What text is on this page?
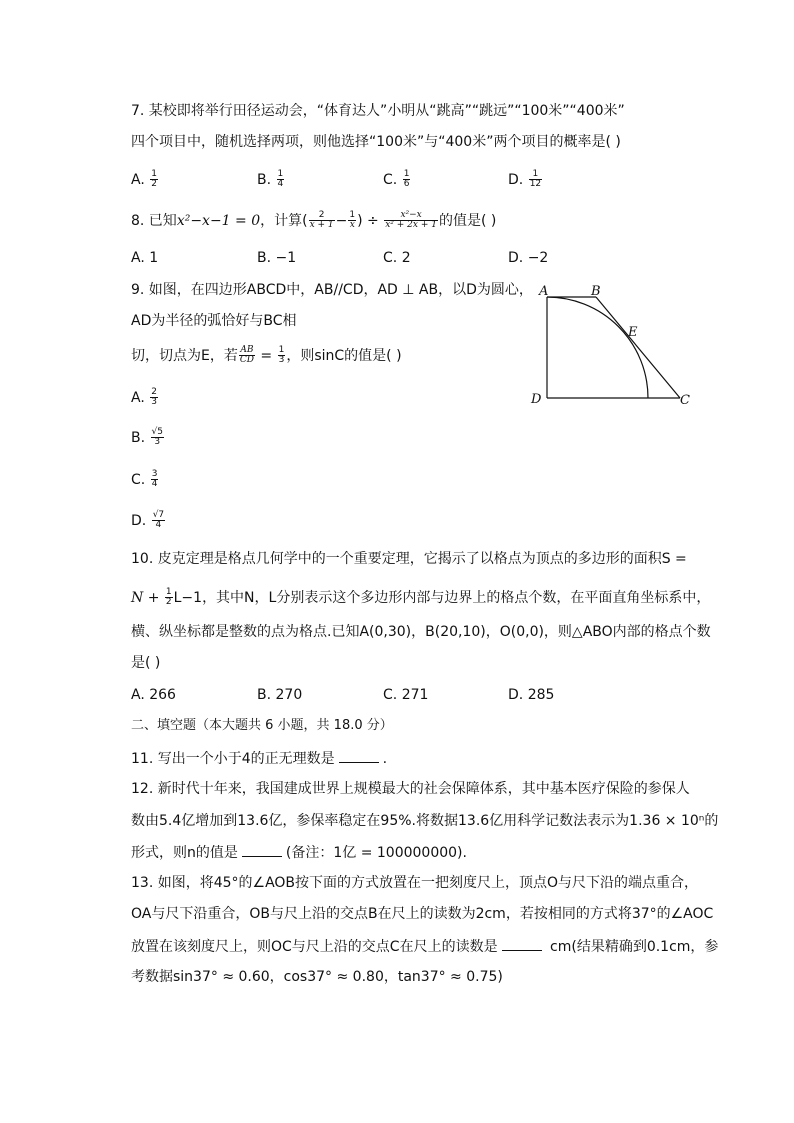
7. 某校即将举行田径运动会，“体育达人”小明从“跳高”“跳远”“100米”“400米”
四个项目中，随机选择两项，则他选择“100米”与“400米”两个项目的概率是( )
A. $\frac{1}{2}$	B. $\frac{1}{4}$	C. $\frac{1}{6}$	D. $\frac{1}{12}$
8. 已知x²−x−1 = 0，计算( $\frac{2}{x + 1} - \frac{1}{x}$ ) ÷ $\frac{\text{x²−x}}{\text{x² + 2x + 1}}$ 的值是( )
A. 1	B. −1	C. 2	D. −2
9. 如图，在四边形ABCD中，AB//CD，AD ⊥ AB，以D为圆心，
AD为半径的弧恰好与BC相
切，切点为E，若 $\frac{AB}{CD} = \frac{1}{3}$ ，则sinC的值是( )
A. $\frac{2}{3}$
B. $\frac{√5}{3}$
C. $\frac{3}{4}$
D. $\frac{√7}{4}$
A	B
E
D	C
10. 皮克定理是格点几何学中的一个重要定理，它揭示了以格点为顶点的多边形的面积S =
$N + \frac{1}{2} L-1$，其中N，L分别表示这个多边形内部与边界上的格点个数，在平面直角坐标系中，
横、纵坐标都是整数的点为格点.已知A(0,30)，B(20,10)，O(0,0)，则△ABO内部的格点个数
是( )
A. 266	B. 270	C. 271	D. 285
二、填空题（本大题共 6 小题，共 18.0 分）
11. 写出一个小于4的正无理数是	.
12. 新时代十年来，我国建成世界上规模最大的社会保障体系，其中基本医疗保险的参保人
数由5.4亿增加到13.6亿，参保率稳定在95%.将数据13.6亿用科学记数法表示为1.36 × 10ⁿ的
形式，则n的值是	(备注：1亿 = 100000000).
13. 如图，将45°的∠AOB按下面的方式放置在一把刻度尺上，顶点O与尺下沿的端点重合，
OA与尺下沿重合，OB与尺上沿的交点B在尺上的读数为2cm，若按相同的方式将37°的∠AOC
放置在该刻度尺上，则OC与尺上沿的交点C在尺上的读数是	cm(结果精确到0.1cm，参
考数据sin37° ≈ 0.60，cos37° ≈ 0.80，tan37° ≈ 0.75)
